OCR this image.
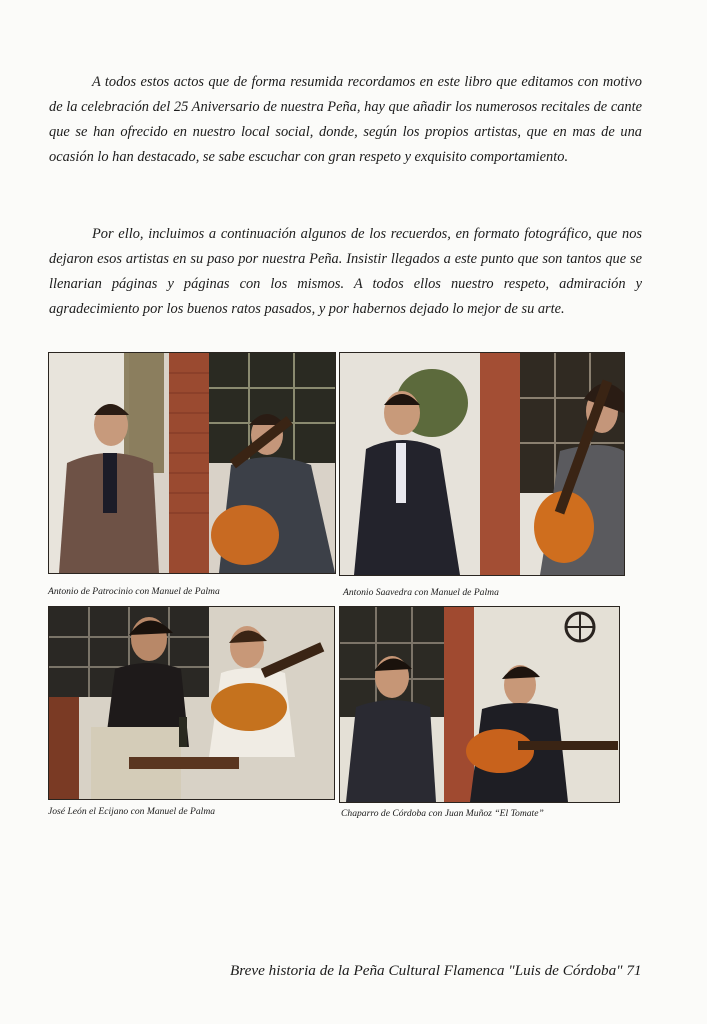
A todos estos actos que de forma resumida recordamos en este libro que editamos con motivo de la celebración del 25 Aniversario de nuestra Peña, hay que añadir los numerosos recitales de cante que se han ofrecido en nuestro local social, donde, según los propios artistas, que en mas de una ocasión lo han destacado, se sabe escuchar con gran respeto y exquisito comportamiento.

Por ello, incluimos a continuación algunos de los recuerdos, en formato fotográfico, que nos dejaron esos artistas en su paso por nuestra Peña. Insistir llegados a este punto que son tantos que se llenarian páginas y páginas con los mismos. A todos ellos nuestro respeto, admiración y agradecimiento por los buenos ratos pasados, y por habernos dejado lo mejor de su arte.

Antonio de Patrocinio con Manuel de Palma	Antonio Saavedra con Manuel de Palma

José León el Ecijano con Manuel de Palma	Chaparro de Córdoba con Juan Muñoz “El Tomate”

Breve historia de la Peña Cultural Flamenca "Luis de Córdoba" 71
